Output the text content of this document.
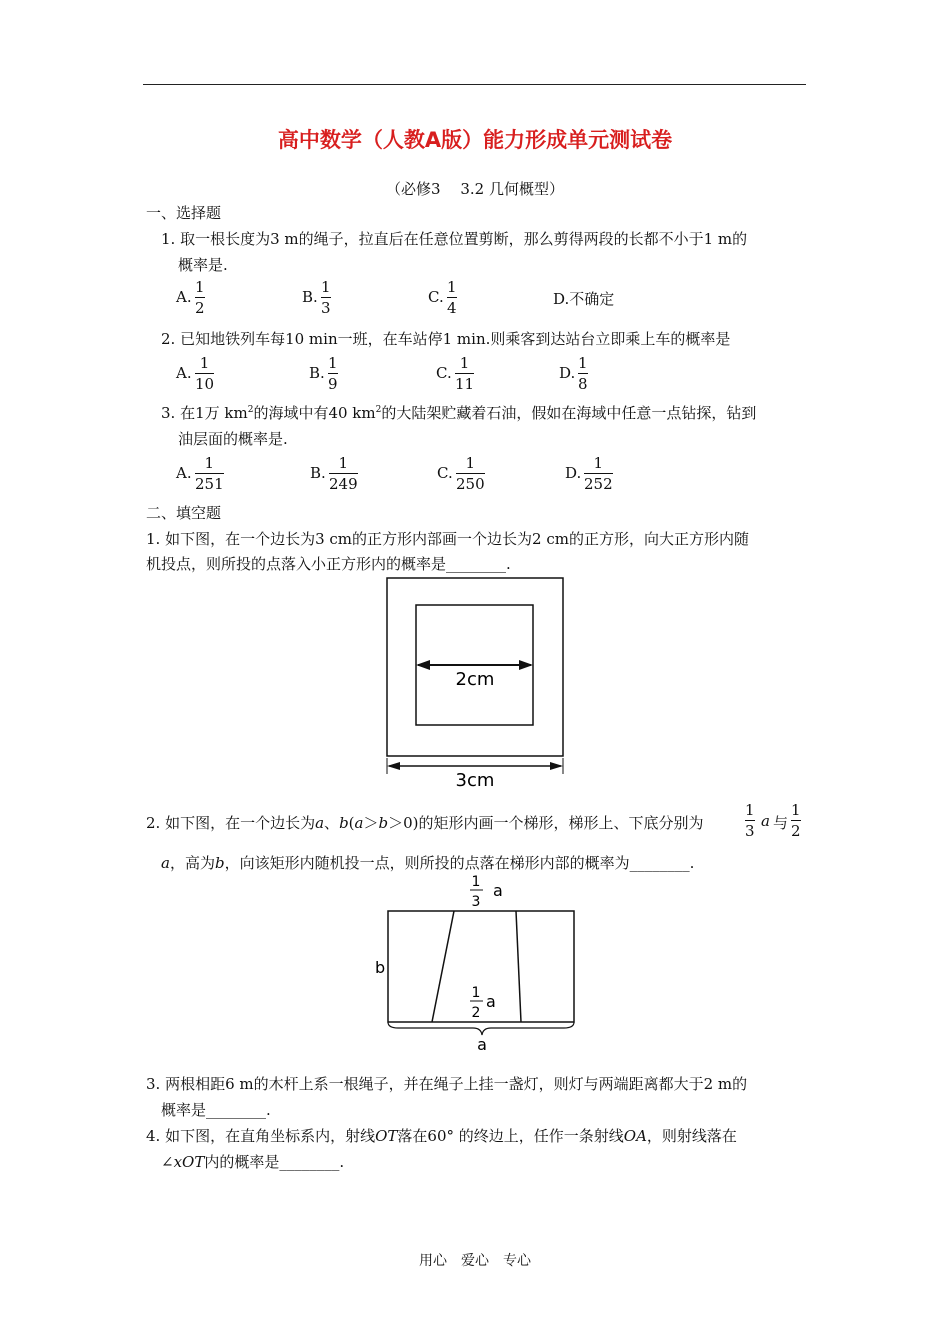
高中数学（人教A版）能力形成单元测试卷
（必修3　 3.2 几何概型）
一、选择题
1. 取一根长度为3 m的绳子，拉直后在任意位置剪断，那么剪得两段的长都不小于1 m的
概率是.
A.
1
2
B.
1
3
C.
1
4	D.不确定
2. 已知地铁列车每10 min一班，在车站停1 min.则乘客到达站台立即乘上车的概率是
A.
1
10
B.
1
9
C.
1
11
D.
1
8
3. 在1万 $km^2$的海域中有40 $km^2$的大陆架贮藏着石油，假如在海域中任意一点钻探，钻到
油层面的概率是.
A.
1
251
B.
1
249
C.
1
250
D.
1
252
二、填空题
1. 如下图，在一个边长为3 cm的正方形内部画一个边长为2 cm的正方形，向大正方形内随
机投点，则所投的点落入小正方形内的概率是________.
2cm
3cm
2. 如下图，在一个边长为a、b(a＞b＞0)的矩形内画一个梯形，梯形上、下底分别为
1
3
a 与
1
2
a，高为b，向该矩形内随机投一点，则所投的点落在梯形内部的概率为________.
1
3
a
b
1
2
a
a
3. 两根相距6 m的木杆上系一根绳子，并在绳子上挂一盏灯，则灯与两端距离都大于2 m的
概率是________.
4. 如下图，在直角坐标系内，射线OT落在60° 的终边上，任作一条射线OA，则射线落在
∠xOT内的概率是________.
用心　爱心　专心
